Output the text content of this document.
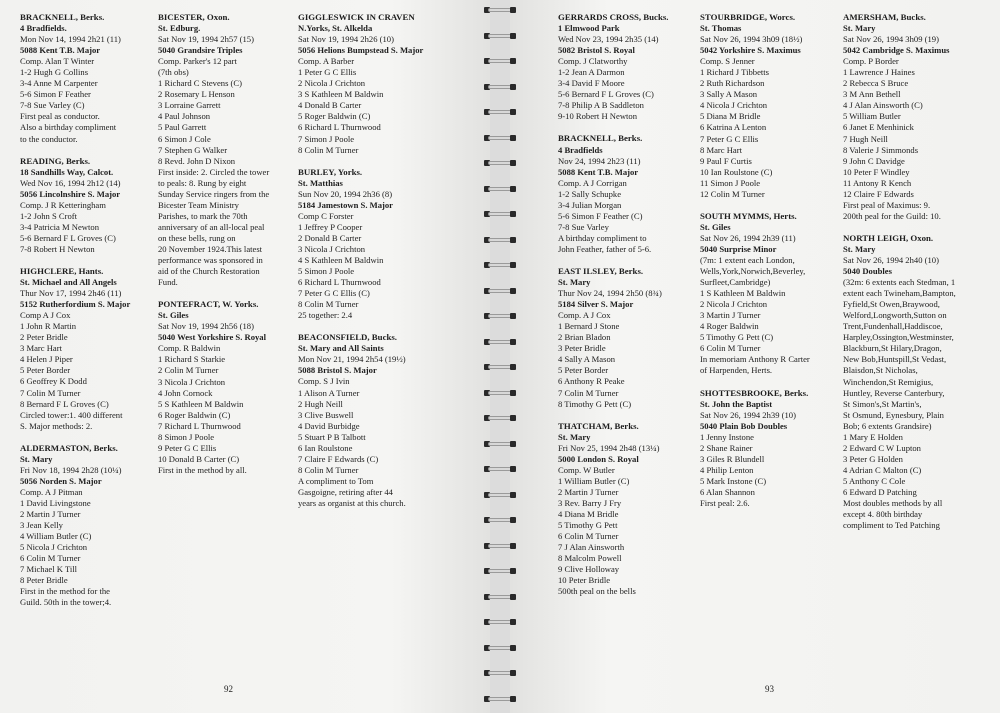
BRACKNELL, Berks.
4 Bradfields.
Mon Nov 14, 1994 2h21 (11)
5088 Kent T.B. Major
Comp. Alan T Winter
1-2 Hugh G Collins
3-4 Anne M Carpenter
5-6 Simon F Feather
7-8 Sue Varley (C)
First peal as conductor.
Also a birthday compliment
to the conductor.
READING, Berks.
18 Sandhills Way, Calcot.
Wed Nov 16, 1994 2h12 (14)
5056 Lincolnshire S. Major
Comp. J R Ketteringham
1-2 John S Croft
3-4 Patricia M Newton
5-6 Bernard F L Groves (C)
7-8 Robert H Newton
HIGHCLERE, Hants.
St. Michael and All Angels
Thur Nov 17, 1994 2h46 (11)
5152 Rutherfordium S. Major
Comp A J Cox
1 John R Martin
2 Peter Bridle
3 Marc Hart
4 Helen J Piper
5 Peter Border
6 Geoffrey K Dodd
7 Colin M Turner
8 Bernard F L Groves (C)
Circled tower:1. 400 different
S. Major methods: 2.
ALDERMASTON, Berks.
St. Mary
Fri Nov 18, 1994 2h28 (10¼)
5056 Norden S. Major
Comp. A J Pitman
1 David Livingstone
2 Martin J Turner
3 Jean Kelly
4 William Butler (C)
5 Nicola J Crichton
6 Colin M Turner
7 Michael K Till
8 Peter Bridle
First in the method for the
Guild. 50th in the tower;4.
BICESTER, Oxon.
St. Edburg.
Sat Nov 19, 1994 2h57 (15)
5040 Grandsire Triples
Comp. Parker's 12 part
(7th obs)
1 Richard C Stevens (C)
2 Rosemary L Henson
3 Lorraine Garrett
4 Paul Johnson
5 Paul Garrett
6 Simon J Cole
7 Stephen G Walker
8 Revd. John D Nixon
First inside: 2. Circled the tower
to peals: 8. Rung by eight
Sunday Service ringers from the
Bicester Team Ministry
Parishes, to mark the 70th
anniversary of an all-local peal
on these bells, rung on
20 November 1924.This latest
performance was sponsored in
aid of the Church Restoration
Fund.
PONTEFRACT, W. Yorks.
St. Giles
Sat Nov 19, 1994 2h56 (18)
5040 West Yorkshire S. Royal
Comp. R Baldwin
1 Richard S Starkie
2 Colin M Turner
3 Nicola J Crichton
4 John Cornock
5 S Kathleen M Baldwin
6 Roger Baldwin (C)
7 Richard L Thurnwood
8 Simon J Poole
9 Peter G C Ellis
10 Donald B Carter (C)
First in the method by all.
GIGGLESWICK IN CRAVEN
N.Yorks, St. Alkelda
Sat Nov 19, 1994 2h26 (10)
5056 Helions Bumpstead S. Major
Comp. A Barber
1 Peter G C Ellis
2 Nicola J Crichton
3 S Kathleen M Baldwin
4 Donald B Carter
5 Roger Baldwin (C)
6 Richard L Thurnwood
7 Simon J Poole
8 Colin M Turner
BURLEY, Yorks.
St. Matthias
Sun Nov 20, 1994 2h36 (8)
5184 Jamestown S. Major
Comp C Forster
1 Jeffrey P Cooper
2 Donald B Carter
3 Nicola J Crichton
4 S Kathleen M Baldwin
5 Simon J Poole
6 Richard L Thurnwood
7 Peter G C Ellis (C)
8 Colin M Turner
25 together: 2.4
BEACONSFIELD, Bucks.
St. Mary and All Saints
Mon Nov 21, 1994 2h54 (19½)
5088 Bristol S. Major
Comp. S J Ivin
1 Alison A Turner
2 Hugh Neill
3 Clive Buswell
4 David Burbidge
5 Stuart P B Talbott
6 Ian Roulstone
7 Claire F Edwards (C)
8 Colin M Turner
A compliment to Tom
Gasgoigne, retiring after 44
years as organist at this church.
92
GERRARDS CROSS, Bucks.
1 Elmwood Park
Wed Nov 23, 1994 2h35 (14)
5082 Bristol S. Royal
Comp. J Clatworthy
1-2 Jean A Darmon
3-4 David F Moore
5-6 Bernard F L Groves (C)
7-8 Philip A B Saddleton
9-10 Robert H Newton
BRACKNELL, Berks.
4 Bradfields
Nov 24, 1994 2h23 (11)
5088 Kent T.B. Major
Comp. A J Corrigan
1-2 Sally Schupke
3-4 Julian Morgan
5-6 Simon F Feather (C)
7-8 Sue Varley
A birthday compliment to
John Feather, father of 5-6.
EAST ILSLEY, Berks.
St. Mary
Thur Nov 24, 1994 2h50 (8¾)
5184 Silver S. Major
Comp. A J Cox
1 Bernard J Stone
2 Brian Bladon
3 Peter Bridle
4 Sally A Mason
5 Peter Border
6 Anthony R Peake
7 Colin M Turner
8 Timothy G Pett (C)
THATCHAM, Berks.
St. Mary
Fri Nov 25, 1994 2h48 (13¼)
5000 London S. Royal
Comp. W Butler
1 William Butler (C)
2 Martin J Turner
3 Rev. Barry J Fry
4 Diana M Bridle
5 Timothy G Pett
6 Colin M Turner
7 J Alan Ainsworth
8 Malcolm Powell
9 Clive Holloway
10 Peter Bridle
500th peal on the bells
STOURBRIDGE, Worcs.
St. Thomas
Sat Nov 26, 1994 3h09 (18½)
5042 Yorkshire S. Maximus
Comp. S Jenner
1 Richard J Tibbetts
2 Ruth Richardson
3 Sally A Mason
4 Nicola J Crichton
5 Diana M Bridle
6 Katrina A Lenton
7 Peter G C Ellis
8 Marc Hart
9 Paul F Curtis
10 Ian Roulstone (C)
11 Simon J Poole
12 Colin M Turner
SOUTH MYMMS, Herts.
St. Giles
Sat Nov 26, 1994 2h39 (11)
5040 Surprise Minor
(7m: 1 extent each London,
Wells,York,Norwich,Beverley,
Surfleet,Cambridge)
1 S Kathleen M Baldwin
2 Nicola J Crichton
3 Martin J Turner
4 Roger Baldwin
5 Timothy G Pett (C)
6 Colin M Turner
In memoriam Anthony R Carter
of Harpenden, Herts.
SHOTTESBROOKE, Berks.
St. John the Baptist
Sat Nov 26, 1994 2h39 (10)
5040 Plain Bob Doubles
1 Jenny Instone
2 Shane Rainer
3 Giles R Blundell
4 Philip Lenton
5 Mark Instone (C)
6 Alan Shannon
First peal: 2.6.
AMERSHAM, Bucks.
St. Mary
Sat Nov 26, 1994 3h09 (19)
5042 Cambridge S. Maximus
Comp. P Border
1 Lawrence J Haines
2 Rebecca S Bruce
3 M Ann Bethell
4 J Alan Ainsworth (C)
5 William Butler
6 Janet E Menhinick
7 Hugh Neill
8 Valerie J Simmonds
9 John C Davidge
10 Peter F Windley
11 Antony R Kench
12 Claire F Edwards
First peal of Maximus: 9.
200th peal for the Guild: 10.
NORTH LEIGH, Oxon.
St. Mary
Sat Nov 26, 1994 2h40 (10)
5040 Doubles
(32m: 6 extents each Stedman, 1
extent each Twineham,Bampton,
Fyfield,St Owen,Braywood,
Welford,Longworth,Sutton on
Trent,Fundenhall,Haddiscoe,
Harpley,Ossington,Westminster,
Blackburn,St Hilary,Dragon,
New Bob,Huntspill,St Vedast,
Blaisdon,St Nicholas,
Winchendon,St Remigius,
Huntley, Reverse Canterbury,
St Simon's,St Martin's,
St Osmund, Eynesbury, Plain
Bob; 6 extents Grandsire)
1 Mary E Holden
2 Edward C W Lupton
3 Peter G Holden
4 Adrian C Malton (C)
5 Anthony C Cole
6 Edward D Patching
Most doubles methods by all
except 4. 80th birthday
compliment to Ted Patching
93
